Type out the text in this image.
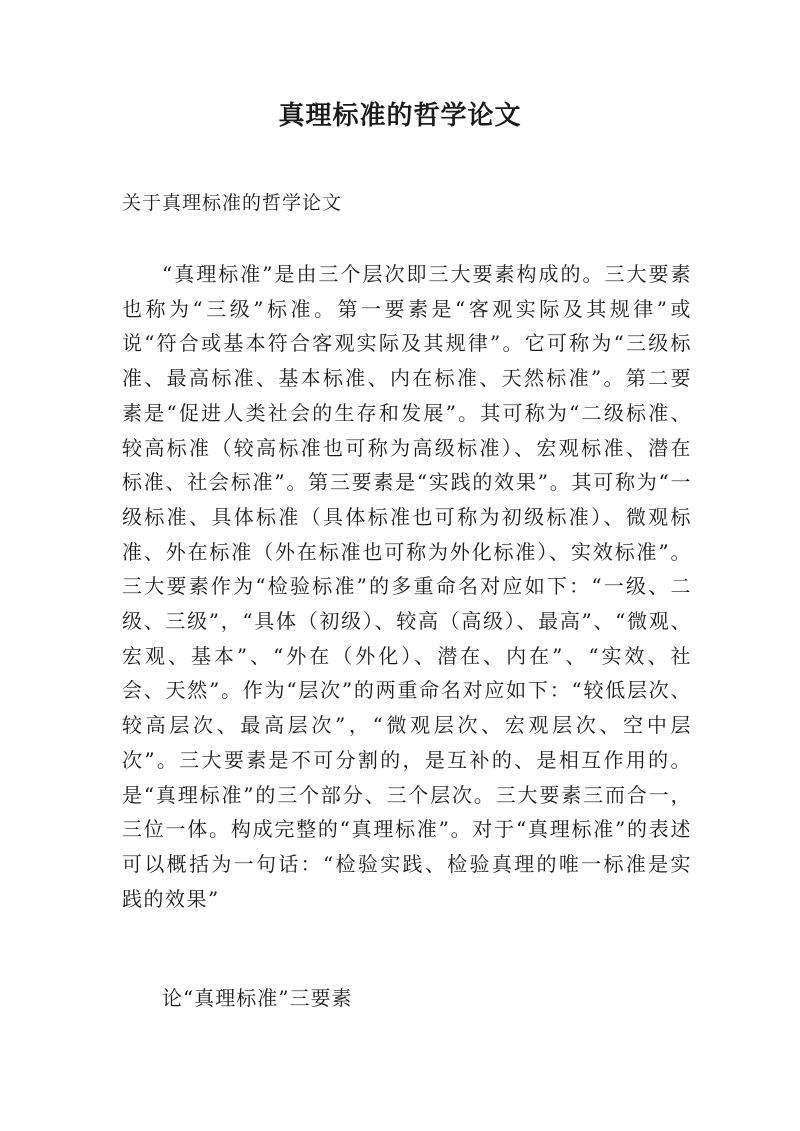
真理标准的哲学论文

关于真理标准的哲学论文

“真理标准”是由三个层次即三大要素构成的。三大要素也称为“三级”标准。第一要素是“客观实际及其规律”或说“符合或基本符合客观实际及其规律”。它可称为“三级标准、最高标准、基本标准、内在标准、天然标准”。第二要素是“促进人类社会的生存和发展”。其可称为“二级标准、较高标准（较高标准也可称为高级标准）、宏观标准、潜在标准、社会标准”。第三要素是“实践的效果”。其可称为“一级标准、具体标准（具体标准也可称为初级标准）、微观标准、外在标准（外在标准也可称为外化标准）、实效标准”。三大要素作为“检验标准”的多重命名对应如下：“一级、二级、三级”，“具体（初级）、较高（高级）、最高”、“微观、宏观、基本”、“外在（外化）、潜在、内在”、“实效、社会、天然”。作为“层次”的两重命名对应如下：“较低层次、较高层次、最高层次”，“微观层次、宏观层次、空中层次”。三大要素是不可分割的，是互补的、是相互作用的。是“真理标准”的三个部分、三个层次。三大要素三而合一，三位一体。构成完整的“真理标准”。对于“真理标准”的表述可以概括为一句话：“检验实践、检验真理的唯一标准是实践的效果”

论“真理标准”三要素
